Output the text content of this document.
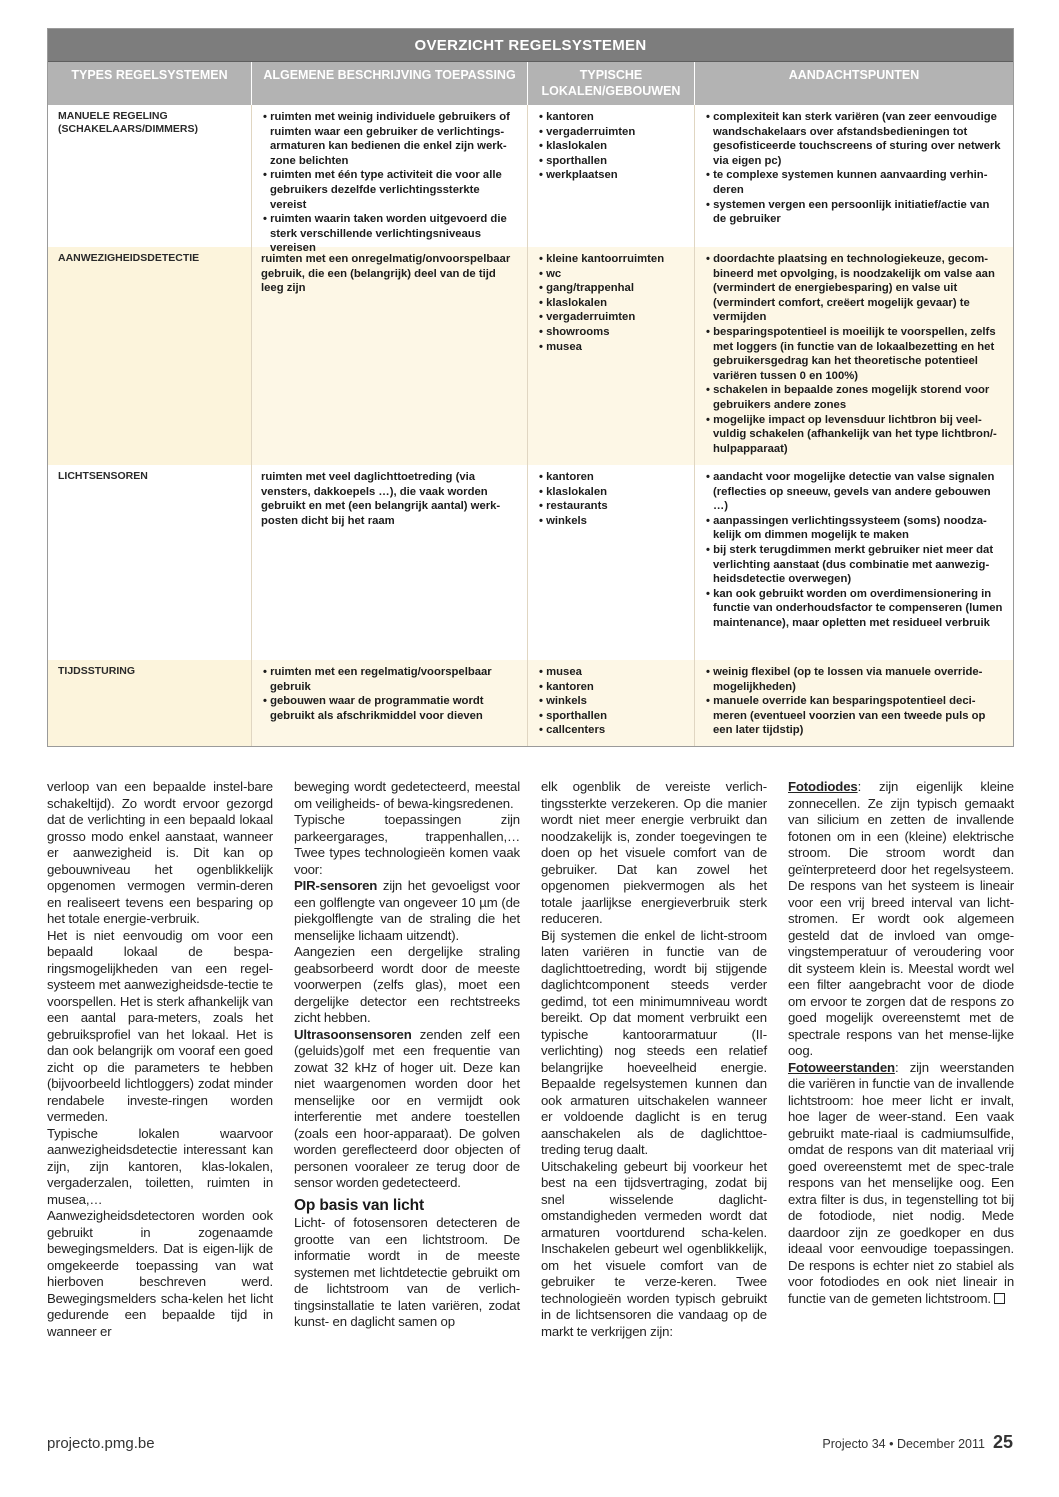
OVERZICHT REGELSYSTEMEN
TYPES REGELSYSTEMEN	ALGEMENE BESCHRIJVING TOEPASSING	TYPISCHE LOKALEN/GEBOUWEN
AANDACHTSPUNTEN
MANUELE REGELING (SCHAKELAARS/DIMMERS)
• ruimten met weinig individuele gebruikers of ruimten waar een gebruiker de verlichtings-armaturen kan bedienen die enkel zijn werk-zone belichten
• ruimten met één type activiteit die voor alle gebruikers dezelfde verlichtingssterkte vereist
• ruimten waarin taken worden uitgevoerd die sterk verschillende verlichtingsniveaus vereisen
• kantoren
• vergaderruimten
• klaslokalen
• sporthallen
• werkplaatsen
• complexiteit kan sterk variëren (van zeer eenvoudige wandschakelaars over afstandsbedieningen tot gesofisticeerde touchscreens of sturing over netwerk via eigen pc)
• te complexe systemen kunnen aanvaarding verhin-deren
• systemen vergen een persoonlijk initiatief/actie van de gebruiker
AANWEZIGHEIDSDETECTIE	ruimten met een onregelmatig/onvoorspelbaar gebruik, die een (belangrijk) deel van de tijd leeg zijn
• kleine kantoorruimten
• wc
• gang/trappenhal
• klaslokalen
• vergaderruimten
• showrooms
• musea
• doordachte plaatsing en technologiekeuze, gecom-bineerd met opvolging, is noodzakelijk om valse aan (vermindert de energiebesparing) en valse uit (vermindert comfort, creëert mogelijk gevaar) te vermijden
• besparingspotentieel is moeilijk te voorspellen, zelfs met loggers (in functie van de lokaalbezetting en het gebruikersgedrag kan het theoretische potentieel variëren tussen 0 en 100%)
• schakelen in bepaalde zones mogelijk storend voor gebruikers andere zones
• mogelijke impact op levensduur lichtbron bij veel-vuldig schakelen (afhankelijk van het type lichtbron/-hulpapparaat)
LICHTSENSOREN	ruimten met veel daglichttoetreding (via vensters, dakkoepels …), die vaak worden gebruikt en met (een belangrijk aantal) werk-posten dicht bij het raam
• kantoren
• klaslokalen
• restaurants
• winkels
• aandacht voor mogelijke detectie van valse signalen (reflecties op sneeuw, gevels van andere gebouwen …)
• aanpassingen verlichtingssysteem (soms) noodza-kelijk om dimmen mogelijk te maken
• bij sterk terugdimmen merkt gebruiker niet meer dat verlichting aanstaat (dus combinatie met aanwezig-heidsdetectie overwegen)
• kan ook gebruikt worden om overdimensionering in functie van onderhoudsfactor te compenseren (lumen maintenance), maar opletten met residueel verbruik
TIJDSSTURING
•	ruimten met een regelmatig/voorspelbaar gebruik
• gebouwen waar de programmatie wordt gebruikt als afschrikmiddel voor dieven
• musea
• kantoren
• winkels
• sporthallen
• callcenters
• weinig flexibel (op te lossen via manuele override-mogelijkheden)
• manuele override kan besparingspotentieel deci-meren (eventueel voorzien van een tweede puls op een later tijdstip)

verloop van een bepaalde instel-bare schakeltijd). Zo wordt ervoor gezorgd dat de verlichting in een bepaald lokaal grosso modo enkel aanstaat, wanneer er aanwezigheid is. Dit kan op gebouwniveau het ogenblikkelijk opgenomen vermogen vermin-deren en realiseert tevens een besparing op het totale energie-verbruik.

Het is niet eenvoudig om voor een bepaald lokaal de bespa-ringsmogelijkheden van een regel-systeem met aanwezigheidsde-tectie te voorspellen. Het is sterk afhankelijk van een aantal para-meters, zoals het gebruiksprofiel van het lokaal. Het is dan ook belangrijk om vooraf een goed zicht op die parameters te hebben (bijvoorbeeld lichtloggers) zodat minder rendabele investe-ringen worden vermeden.

Typische lokalen waarvoor aanwezigheidsdetectie interessant kan zijn, zijn kantoren, klas-lokalen, vergaderzalen, toiletten, ruimten in musea,…

Aanwezigheidsdetectoren worden ook gebruikt in zogenaamde bewegingsmelders. Dat is eigen-lijk de omgekeerde toepassing van wat hierboven beschreven werd. Bewegingsmelders scha-kelen het licht gedurende een bepaalde tijd in wanneer er

beweging wordt gedetecteerd, meestal om veiligheids- of bewa-kingsredenen.

Typische toepassingen zijn parkeergarages, trappenhallen,… Twee types technologieën komen vaak voor:

PIR-sensoren zijn het gevoeligst voor een golflengte van ongeveer 10 µm (de piekgolflengte van de straling die het menselijke lichaam uitzendt).

Aangezien een dergelijke straling geabsorbeerd wordt door de meeste voorwerpen (zelfs glas), moet een dergelijke detector een rechtstreeks zicht hebben.

Ultrasoonsensoren zenden zelf een (geluids)golf met een frequentie van zowat 32 kHz of hoger uit. Deze kan niet waargenomen worden door het menselijke oor en vermijdt ook interferentie met andere toestellen (zoals een hoor-apparaat). De golven worden gereflecteerd door objecten of personen vooraleer ze terug door de sensor worden gedetecteerd.

Op basis van licht

Licht- of fotosensoren detecteren de grootte van een lichtstroom. De informatie wordt in de meeste systemen met lichtdetectie gebruikt om de lichtstroom van de verlich-tingsinstallatie te laten variëren, zodat kunst- en daglicht samen op

elk ogenblik de vereiste verlich-tingssterkte verzekeren. Op die manier wordt niet meer energie verbruikt dan noodzakelijk is, zonder toegevingen te doen op het visuele comfort van de gebruiker. Dat kan zowel het opgenomen piekvermogen als het totale jaarlijkse energieverbruik sterk reduceren.

Bij systemen die enkel de licht-stroom laten variëren in functie van de daglichttoetreding, wordt bij stijgende daglichtcomponent steeds verder gedimd, tot een minimumniveau wordt bereikt. Op dat moment verbruikt een typische kantoorarmatuur (II-verlichting) nog steeds een relatief belangrijke hoeveelheid energie. Bepaalde regelsystemen kunnen dan ook armaturen uitschakelen wanneer er voldoende daglicht is en terug aanschakelen als de daglichttoe-treding terug daalt.

Uitschakeling gebeurt bij voorkeur het best na een tijdsvertraging, zodat bij snel wisselende daglicht-omstandigheden vermeden wordt dat armaturen voortdurend scha-kelen. Inschakelen gebeurt wel ogenblikkelijk, om het visuele comfort van de gebruiker te verze-keren. Twee technologieën worden typisch gebruikt in de lichtsensoren die vandaag op de markt te verkrijgen zijn:

Fotodiodes: zijn eigenlijk kleine zonnecellen. Ze zijn typisch gemaakt van silicium en zetten de invallende fotonen om in een (kleine) elektrische stroom. Die stroom wordt dan geïnterpreteerd door het regelsysteem. De respons van het systeem is lineair voor een vrij breed interval van licht-stromen. Er wordt ook algemeen gesteld dat de invloed van omge-vingstemperatuur of veroudering voor dit systeem klein is. Meestal wordt wel een filter aangebracht voor de diode om ervoor te zorgen dat de respons zo goed mogelijk overeenstemt met de spectrale respons van het mense-lijke oog.

Fotoweerstanden: zijn weerstanden die variëren in functie van de invallende lichtstroom: hoe meer licht er invalt, hoe lager de weer-stand. Een vaak gebruikt mate-riaal is cadmiumsulfide, omdat de respons van dit materiaal vrij goed overeenstemt met de spec-trale respons van het menselijke oog. Een extra filter is dus, in tegenstelling tot bij de fotodiode, niet nodig. Mede daardoor zijn ze goedkoper en dus ideaal voor eenvoudige toepassingen. De respons is echter niet zo stabiel als voor fotodiodes en ook niet lineair in functie van de gemeten lichtstroom.

projecto.pmg.be	Projecto 34 • December 2011 25
